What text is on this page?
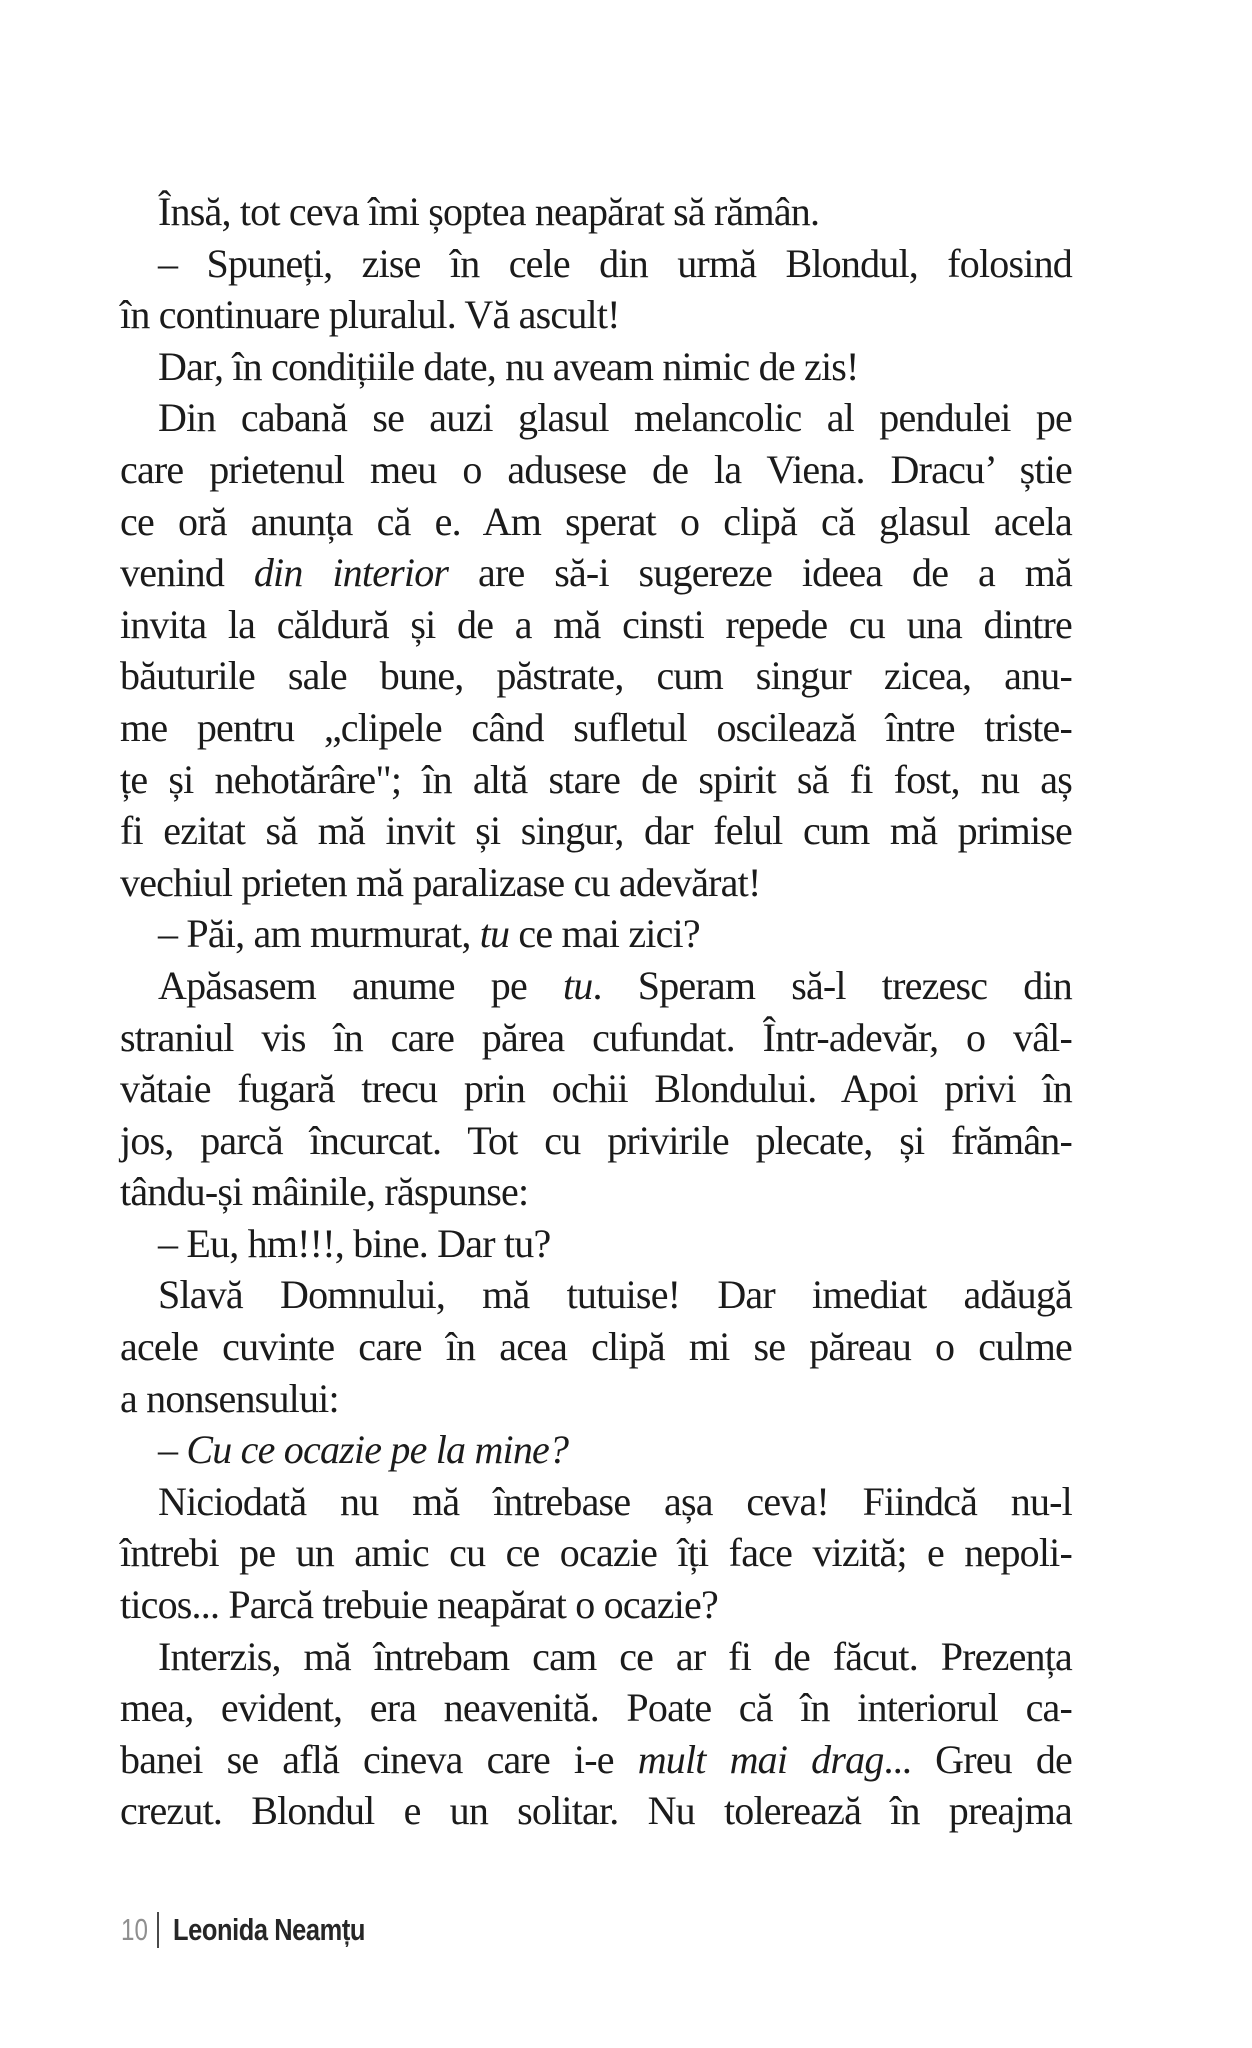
Însă, tot ceva îmi șoptea neapărat să rămân.
– Spuneți, zise în cele din urmă Blondul, folosind
în continuare pluralul. Vă ascult!
Dar, în condițiile date, nu aveam nimic de zis!
Din cabană se auzi glasul melancolic al pendulei pe
care prietenul meu o adusese de la Viena. Dracu’ știe
ce oră anunța că e. Am sperat o clipă că glasul acela
venind din interior are să-i sugereze ideea de a mă
invita la căldură și de a mă cinsti repede cu una dintre
băuturile sale bune, păstrate, cum singur zicea, anu-
me pentru „clipele când sufletul oscilează între triste-
țe și nehotărâre"; în altă stare de spirit să fi fost, nu aș
fi ezitat să mă invit și singur, dar felul cum mă primise
vechiul prieten mă paralizase cu adevărat!
– Păi, am murmurat, tu ce mai zici?
Apăsasem anume pe tu. Speram să-l trezesc din
straniul vis în care părea cufundat. Într-adevăr, o vâl-
vătaie fugară trecu prin ochii Blondului. Apoi privi în
jos, parcă încurcat. Tot cu privirile plecate, și frămân-
tându-și mâinile, răspunse:
– Eu, hm!!!, bine. Dar tu?
Slavă Domnului, mă tutuise! Dar imediat adăugă
acele cuvinte care în acea clipă mi se păreau o culme
a nonsensului:
– Cu ce ocazie pe la mine?
Niciodată nu mă întrebase așa ceva! Fiindcă nu-l
întrebi pe un amic cu ce ocazie îți face vizită; e nepoli-
ticos... Parcă trebuie neapărat o ocazie?
Interzis, mă întrebam cam ce ar fi de făcut. Prezența
mea, evident, era neavenită. Poate că în interiorul ca-
banei se află cineva care i-e mult mai drag... Greu de
crezut. Blondul e un solitar. Nu tolerează în preajma
10 Leonida Neamțu
